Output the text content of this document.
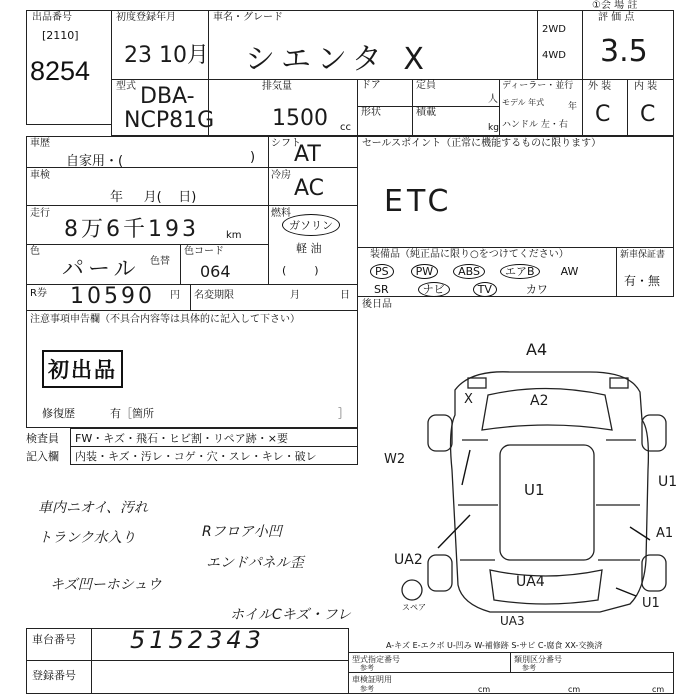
①会 場 註
出品番号
[2110]
8254
初度登録年月
23 10月
車名・グレード
シエンタ X
2WD
4WD
評 価 点
3.5
型式 DBA-
NCP81G
排気量
1500 cc
ドア	定員
人
形状	積載
kg
ディーラー・並行
モデル 年式	年
ハンドル 左・右
外 装 内 装
C C
車歴
自家用・(	)
シフト
AT
車検
年     月(    日)
冷房
AC
走行
8万6千193	km
燃料
ガソリン
軽 油
(        )
色
パール 色替
色コード
064
セールスポイント（正常に機能するものに限ります）
ETC
装備品（純正品に限り○をつけてください）	新車保証書
有・無
PS PW ABS エアB AW
SR	ナビ	TV	カワ
R券 10590 円 名変期限	月	日
後日品
注意事項申告欄（不具合内容等は具体的に記入して下さい）
初出品
修復歴	有［箇所	］
検査員 FW・キズ・飛石・ヒビ割・リペア跡・×要
記入欄 内装・キズ・汚レ・コゲ・穴・スレ・キレ・破レ
車内ニオイ、汚れ
トランク水入り	Rフロア小凹
エンドパネル歪
キズ凹ーホシュウ
ホイルCキズ・フレ
A4
A2
U1
W2
X
U1
A1
UA2
UA4
UA3
U1
スペア
A-キズ E-エクボ U-凹み W-補修跡 S-サビ C-腐食 XX-交換済
車台番号 5152343
登録番号
型式指定番号
参考
類別区分番号
参考
車検証明用
参考	cm	cm	cm
